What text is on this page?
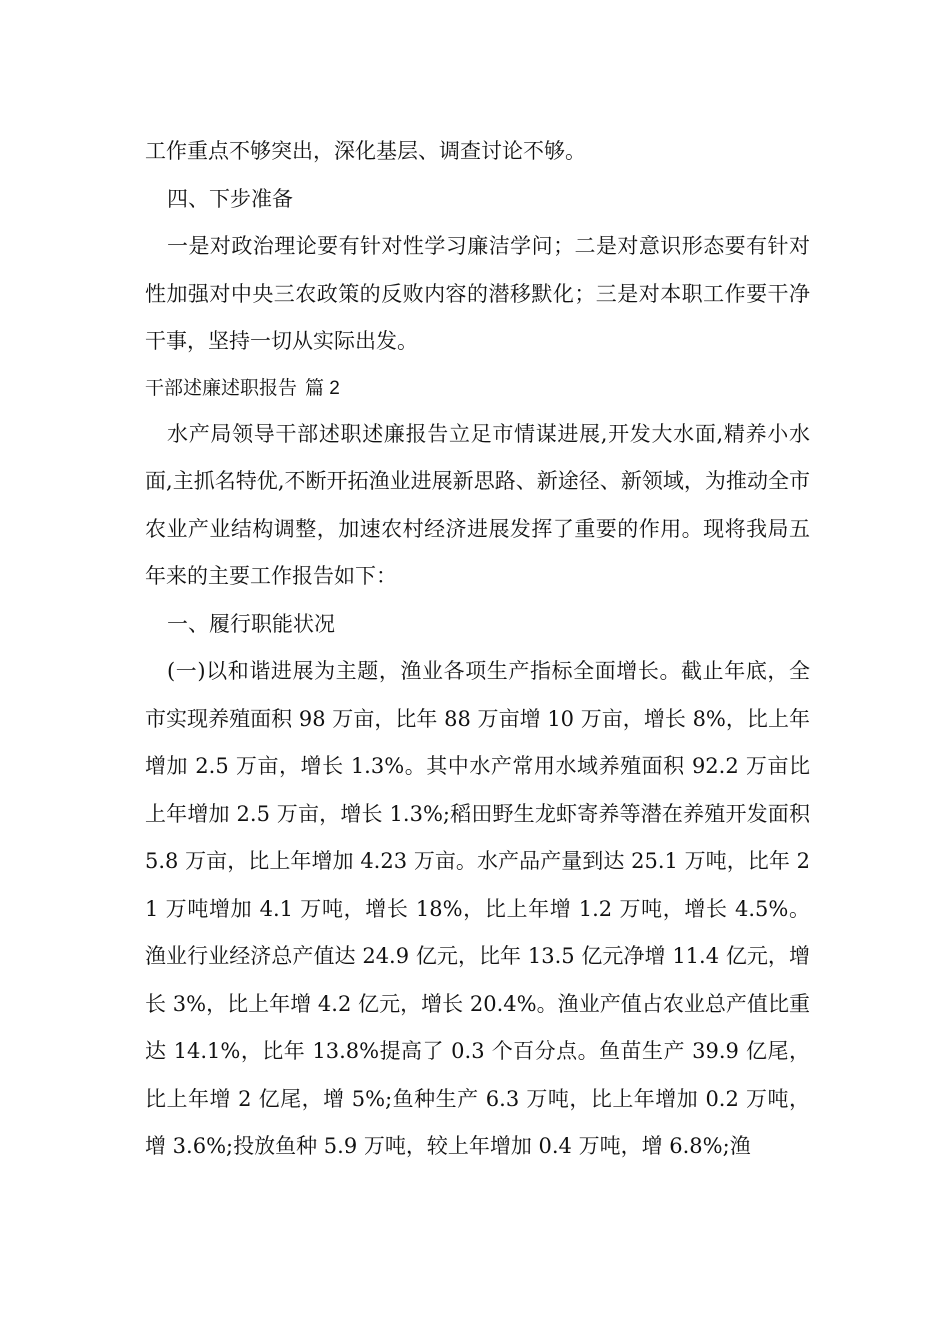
工作重点不够突出，深化基层、调查讨论不够。

四、下步准备

一是对政治理论要有针对性学习廉洁学问；二是对意识形态要有针对性加强对中央三农政策的反败内容的潜移默化；三是对本职工作要干净干事，坚持一切从实际出发。

干部述廉述职报告 篇 2

水产局领导干部述职述廉报告立足市情谋进展,开发大水面,精养小水面,主抓名特优,不断开拓渔业进展新思路、新途径、新领域，为推动全市农业产业结构调整，加速农村经济进展发挥了重要的作用。现将我局五年来的主要工作报告如下：

一、履行职能状况

(一)以和谐进展为主题，渔业各项生产指标全面增长。截止年底，全市实现养殖面积 98 万亩，比年 88 万亩增 10 万亩，增长 8%，比上年增加 2.5 万亩，增长 1.3%。其中水产常用水域养殖面积 92.2 万亩比上年增加 2.5 万亩，增长 1.3%;稻田野生龙虾寄养等潜在养殖开发面积 5.8 万亩，比上年增加 4.23 万亩。水产品产量到达 25.1 万吨，比年 21 万吨增加 4.1 万吨，增长 18%，比上年增 1.2 万吨，增长 4.5%。渔业行业经济总产值达 24.9 亿元，比年 13.5 亿元净增 11.4 亿元，增长 3%，比上年增 4.2 亿元，增长 20.4%。渔业产值占农业总产值比重达 14.1%，比年 13.8%提高了 0.3 个百分点。鱼苗生产 39.9 亿尾，比上年增 2 亿尾，增 5%;鱼种生产 6.3 万吨，比上年增加 0.2 万吨，增 3.6%;投放鱼种 5.9 万吨，较上年增加 0.4 万吨，增 6.8%;渔
